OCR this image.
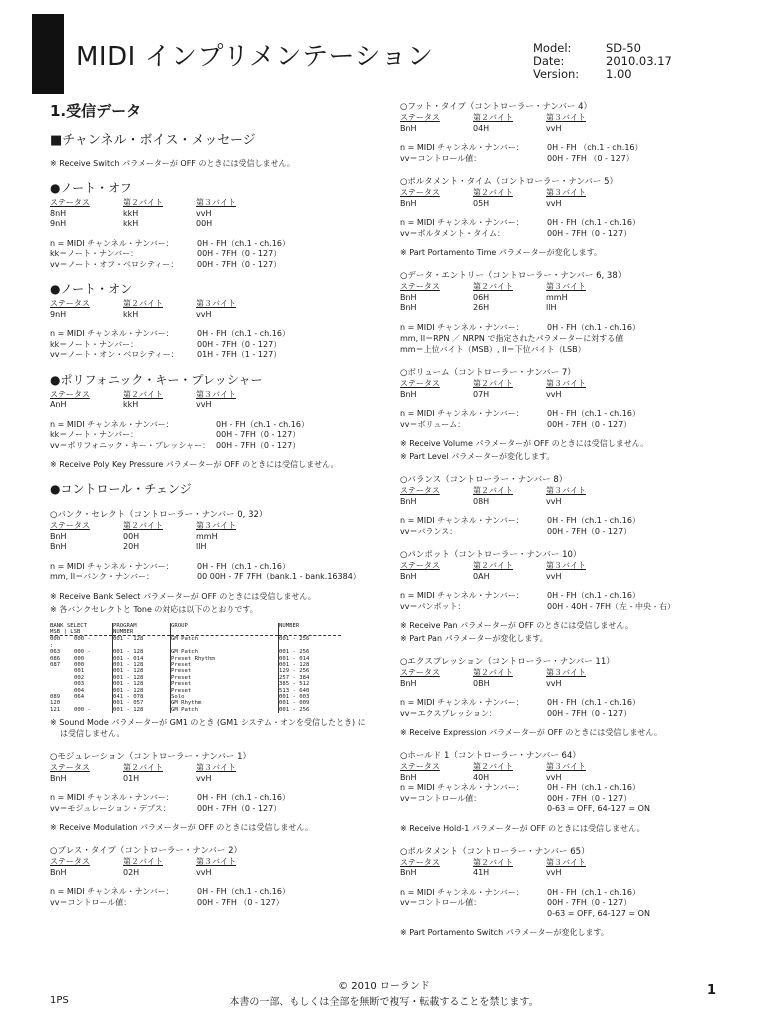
MIDI インプリメンテーション	Model:	SD-50
Date:	2010.03.17
Version:	1.00
1.受信データ
■チャンネル・ボイス・メッセージ
※ Receive Switch パラメーターが OFF のときには受信しません。
●ノート・オフ
ステータス	第２バイト	第３バイト
8nH	kkH	vvH
9nH	kkH	00H
n = MIDI チャンネル・ナンバー：	0H - FH（ch.1 - ch.16）
kk＝ノート・ナンバー：	00H - 7FH（0 - 127）
vv＝ノート・オフ・ベロシティー：	00H - 7FH（0 - 127）
●ノート・オン
ステータス	第２バイト	第３バイト
9nH	kkH	vvH
n = MIDI チャンネル・ナンバー：	0H - FH（ch.1 - ch.16）
kk＝ノート・ナンバー：	00H - 7FH（0 - 127）
vv＝ノート・オン・ベロシティー：	01H - 7FH（1 - 127）
●ポリフォニック・キー・プレッシャー
ステータス	第２バイト	第３バイト
AnH	kkH	vvH
n = MIDI チャンネル・ナンバー：	0H - FH（ch.1 - ch.16）
kk＝ノート・ナンバー：	00H - 7FH（0 - 127）
vv＝ポリフォニック・キー・プレッシャー： 00H - 7FH（0 - 127）
※ Receive Poly Key Pressure パラメーターが OFF のときには受信しません。
●コントロール・チェンジ
○バンク・セレクト（コントローラー・ナンバー 0, 32）
ステータス	第２バイト	第３バイト
BnH	00H	mmH
BnH	20H	llH
n = MIDI チャンネル・ナンバー：	0H - FH（ch.1 - ch.16）
mm, ll＝バンク・ナンバー：	00 00H - 7F 7FH（bank.1 - bank.16384）
※ Receive Bank Select パラメーターが OFF のときには受信しません。
※ 各バンクセレクトと Tone の対応は以下のとおりです。
BANK SELECT	PROGRAM	GROUP	NUMBER
MSB | LSB	NUMBER		
000 000 -	001 - 128	GM Patch	001 - 256
:			
063 000 -	001 - 128	GM Patch	001 - 256
086 000	001 - 014	Preset Rhythm	001 - 014
087 000	001 - 128	Preset	001 - 128
001	001 - 128	Preset	129 - 256
002	001 - 128	Preset	257 - 384
003	001 - 128	Preset	385 - 512
004	001 - 128	Preset	513 - 640
089 064	041 - 078	Solo	001 - 003
120	001 - 057	GM Rhythm	001 - 009
121 000 -	001 - 128	GM Patch	001 - 256
※ Sound Mode パラメーターが GM1 のとき (GM1 システム・オンを受信したとき) には受信しません。
○モジュレーション（コントローラー・ナンバー 1）
ステータス	第２バイト	第３バイト
BnH	01H	vvH
n = MIDI チャンネル・ナンバー：	0H - FH（ch.1 - ch.16）
vv＝モジュレーション・デプス：	00H - 7FH（0 - 127）
※ Receive Modulation パラメーターが OFF のときには受信しません。
○ブレス・タイプ（コントローラー・ナンバー 2）
ステータス	第２バイト	第３バイト
BnH	02H	vvH
n = MIDI チャンネル・ナンバー：	0H - FH（ch.1 - ch.16）
vv＝コントロール値：	00H - 7FH （0 - 127）
○フット・タイプ（コントローラー・ナンバー 4）
ステータス	第２バイト	第３バイト
BnH	04H	vvH
n = MIDI チャンネル・ナンバー：	0H - FH （ch.1 - ch.16）
vv＝コントロール値：	00H - 7FH （0 - 127）
○ポルタメント・タイム（コントローラー・ナンバー 5）
ステータス	第２バイト	第３バイト
BnH	05H	vvH
n = MIDI チャンネル・ナンバー：	0H - FH（ch.1 - ch.16）
vv＝ポルタメント・タイム：	00H - 7FH（0 - 127）
※ Part Portamento Time パラメーターが変化します。
○データ・エントリー（コントローラー・ナンバー 6, 38）
ステータス	第２バイト	第３バイト
BnH	06H	mmH
BnH	26H	llH
n = MIDI チャンネル・ナンバー：	0H - FH（ch.1 - ch.16）
mm, ll＝RPN ／ NRPN で指定されたパラメーターに対する値
mm＝上位バイト（MSB）, ll＝下位バイト（LSB）
○ボリューム（コントローラー・ナンバー 7）
ステータス	第２バイト	第３バイト
BnH	07H	vvH
n = MIDI チャンネル・ナンバー：	0H - FH（ch.1 - ch.16）
vv＝ボリューム：	00H - 7FH（0 - 127）
※ Receive Volume パラメーターが OFF のときには受信しません。
※ Part Level パラメーターが変化します。
○バランス（コントローラー・ナンバー 8）
ステータス	第２バイト	第３バイト
BnH	08H	vvH
n = MIDI チャンネル・ナンバー：	0H - FH（ch.1 - ch.16）
vv＝バランス：	00H - 7FH（0 - 127）
○パンポット（コントローラー・ナンバー 10）
ステータス	第２バイト	第３バイト
BnH	0AH	vvH
n = MIDI チャンネル・ナンバー：	0H - FH（ch.1 - ch.16）
vv＝パンポット：	00H - 40H - 7FH（左 - 中央 - 右）
※ Receive Pan パラメーターが OFF のときには受信しません。
※ Part Pan パラメーターが変化します。
○エクスプレッション（コントローラー・ナンバー 11）
ステータス	第２バイト	第３バイト
BnH	0BH	vvH
n = MIDI チャンネル・ナンバー：	0H - FH（ch.1 - ch.16）
vv＝エクスプレッション：	00H - 7FH（0 - 127）
※ Receive Expression パラメーターが OFF のときには受信しません。
○ホールド 1（コントローラー・ナンバー 64）
ステータス	第２バイト	第３バイト
BnH	40H	vvH
n = MIDI チャンネル・ナンバー：	0H - FH（ch.1 - ch.16）
vv＝コントロール値：	00H - 7FH（0 - 127）
0-63 = OFF, 64-127 = ON
※ Receive Hold-1 パラメーターが OFF のときには受信しません。
○ポルタメント（コントローラー・ナンバー 65）
ステータス	第２バイト	第３バイト
BnH	41H	vvH
n = MIDI チャンネル・ナンバー：	0H - FH（ch.1 - ch.16）
vv＝コントロール値：	00H - 7FH（0 - 127）
0-63 = OFF, 64-127 = ON
※ Part Portamento Switch パラメーターが変化します。
© 2010 ローランド
本書の一部、もしくは全部を無断で複写・転載することを禁じます。
1PS
1
